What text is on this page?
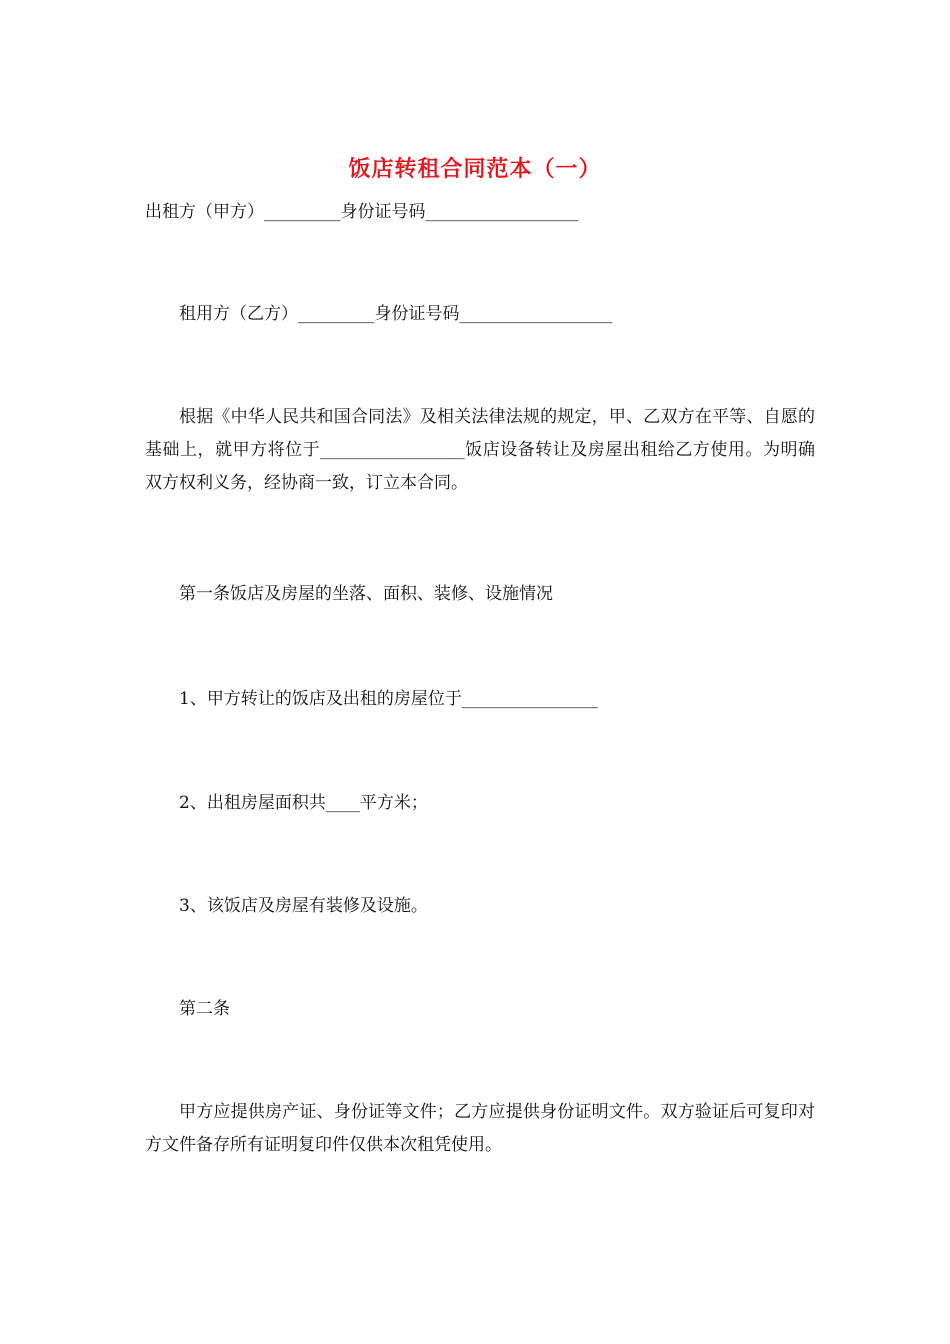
饭店转租合同范本（一）
出租方（甲方）_________身份证号码__________________
租用方（乙方）_________身份证号码__________________
根据《中华人民共和国合同法》及相关法律法规的规定，甲、乙双方在平等、自愿的基础上，就甲方将位于_________________饭店设备转让及房屋出租给乙方使用。为明确双方权利义务，经协商一致，订立本合同。
第一条饭店及房屋的坐落、面积、装修、设施情况
1、甲方转让的饭店及出租的房屋位于________________
2、出租房屋面积共____平方米；
3、该饭店及房屋有装修及设施。
第二条
甲方应提供房产证、身份证等文件；乙方应提供身份证明文件。双方验证后可复印对方文件备存所有证明复印件仅供本次租凭使用。
